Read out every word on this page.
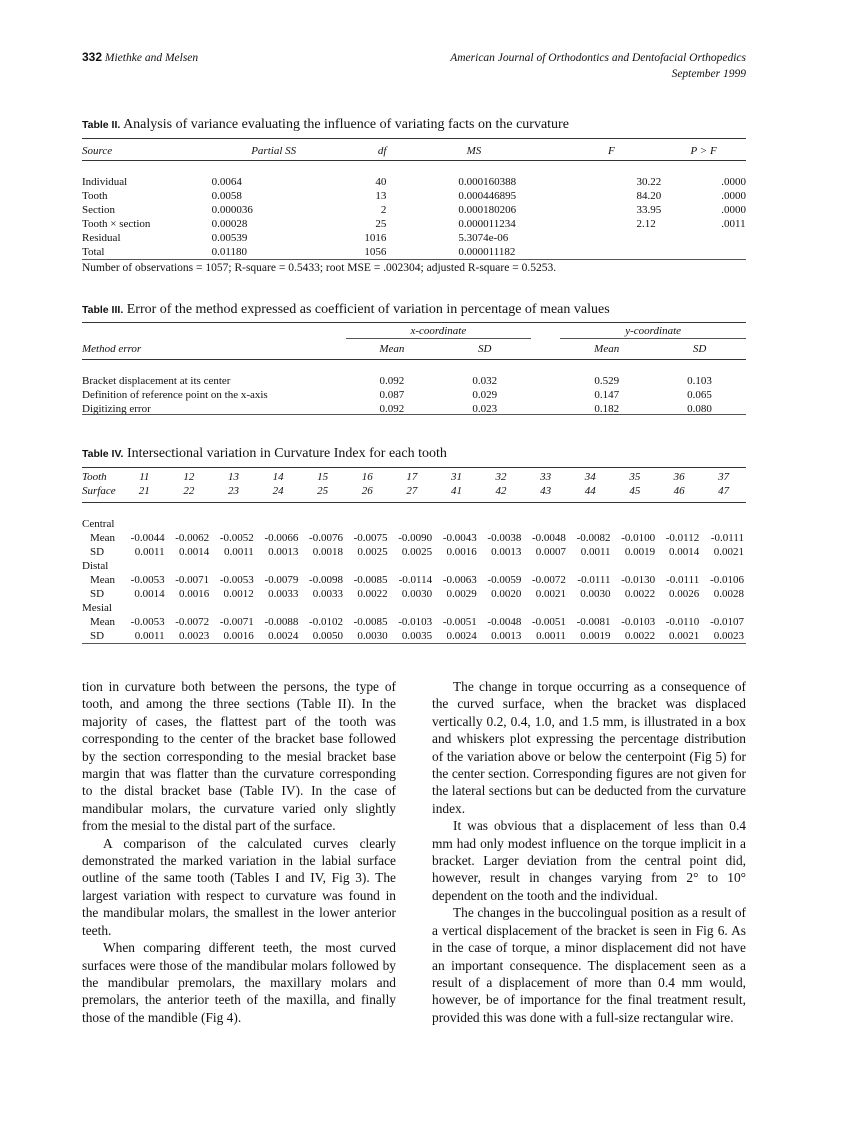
332 Miethke and Melsen	American Journal of Orthodontics and Dentofacial Orthopedics
September 1999
Table II. Analysis of variance evaluating the influence of variating facts on the curvature
Source	Partial SS	df	MS	F	P > F

Individual	0.0064	40	0.000160388	30.22	.0000
Tooth	0.0058	13	0.000446895	84.20	.0000
Section	0.000036	2	0.000180206	33.95	.0000
Tooth × section	0.00028	25	0.000011234	2.12	.0011
Residual	0.00539	1016	5.3074e-06		
Total	0.01180	1056	0.000011182		
Number of observations = 1057; R-square = 0.5433; root MSE = .002304; adjusted R-square = 0.5253.
Table III. Error of the method expressed as coefficient of variation in percentage of mean values
	x-coordinate			y-coordinate	
Method error	Mean	SD		Mean	SD

Bracket displacement at its center	0.092	0.032		0.529	0.103
Definition of reference point on the x-axis	0.087	0.029		0.147	0.065
Digitizing error	0.092	0.023		0.182	0.080
Table IV. Intersectional variation in Curvature Index for each tooth
Tooth	11	12	13	14	15	16	17	31	32	33	34	35	36	37
Surface	21	22	23	24	25	26	27	41	42	43	44	45	46	47

Central														
Mean	-0.0044	-0.0062	-0.0052	-0.0066	-0.0076	-0.0075	-0.0090	-0.0043	-0.0038	-0.0048	-0.0082	-0.0100	-0.0112	-0.0111
SD	0.0011	0.0014	0.0011	0.0013	0.0018	0.0025	0.0025	0.0016	0.0013	0.0007	0.0011	0.0019	0.0014	0.0021
Distal														
Mean	-0.0053	-0.0071	-0.0053	-0.0079	-0.0098	-0.0085	-0.0114	-0.0063	-0.0059	-0.0072	-0.0111	-0.0130	-0.0111	-0.0106
SD	0.0014	0.0016	0.0012	0.0033	0.0033	0.0022	0.0030	0.0029	0.0020	0.0021	0.0030	0.0022	0.0026	0.0028
Mesial														
Mean	-0.0053	-0.0072	-0.0071	-0.0088	-0.0102	-0.0085	-0.0103	-0.0051	-0.0048	-0.0051	-0.0081	-0.0103	-0.0110	-0.0107
SD	0.0011	0.0023	0.0016	0.0024	0.0050	0.0030	0.0035	0.0024	0.0013	0.0011	0.0019	0.0022	0.0021	0.0023

tion in curvature both between the persons, the type of tooth, and among the three sections (Table II). In the majority of cases, the flattest part of the tooth was corresponding to the center of the bracket base followed by the section corresponding to the mesial bracket base margin that was flatter than the curvature corresponding to the distal bracket base (Table IV). In the case of mandibular molars, the curvature varied only slightly from the mesial to the distal part of the surface.

A comparison of the calculated curves clearly demonstrated the marked variation in the labial surface outline of the same tooth (Tables I and IV, Fig 3). The largest variation with respect to curvature was found in the mandibular molars, the smallest in the lower anterior teeth.

When comparing different teeth, the most curved surfaces were those of the mandibular molars followed by the mandibular premolars, the maxillary molars and premolars, the anterior teeth of the maxilla, and finally those of the mandible (Fig 4).

The change in torque occurring as a consequence of the curved surface, when the bracket was displaced vertically 0.2, 0.4, 1.0, and 1.5 mm, is illustrated in a box and whiskers plot expressing the percentage distribution of the variation above or below the centerpoint (Fig 5) for the center section. Corresponding figures are not given for the lateral sections but can be deducted from the curvature index.

It was obvious that a displacement of less than 0.4 mm had only modest influence on the torque implicit in a bracket. Larger deviation from the central point did, however, result in changes varying from 2° to 10° dependent on the tooth and the individual.

The changes in the buccolingual position as a result of a vertical displacement of the bracket is seen in Fig 6. As in the case of torque, a minor displacement did not have an important consequence. The displacement seen as a result of a displacement of more than 0.4 mm would, however, be of importance for the final treatment result, provided this was done with a full-size rectangular wire.
